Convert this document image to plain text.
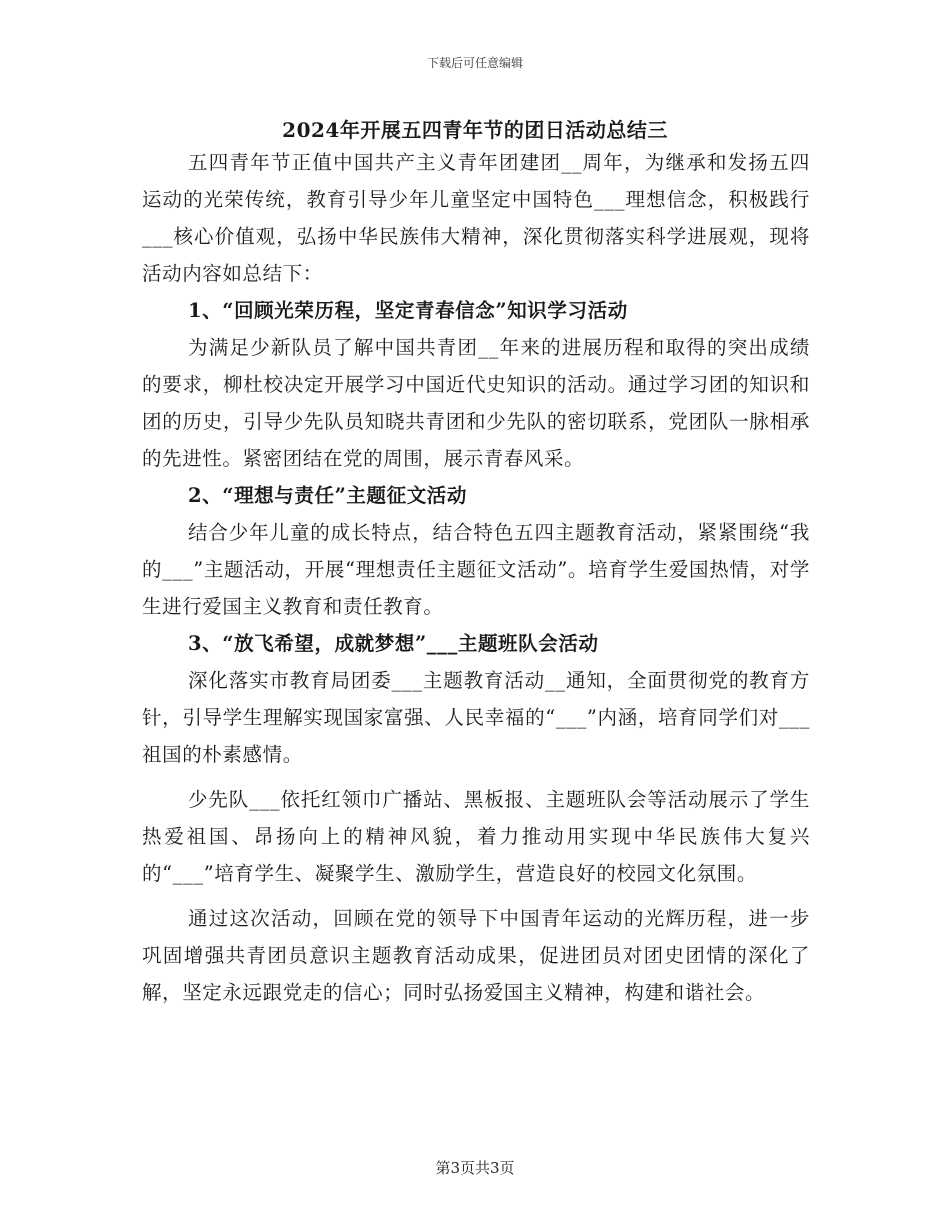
下载后可任意编辑
2024年开展五四青年节的团日活动总结三

五四青年节正值中国共产主义青年团建团__周年，为继承和发扬五四运动的光荣传统，教育引导少年儿童坚定中国特色___理想信念，积极践行___核心价值观，弘扬中华民族伟大精神，深化贯彻落实科学进展观，现将活动内容如总结下：

1、“回顾光荣历程，坚定青春信念”知识学习活动

为满足少新队员了解中国共青团__年来的进展历程和取得的突出成绩的要求，柳杜校决定开展学习中国近代史知识的活动。通过学习团的知识和团的历史，引导少先队员知晓共青团和少先队的密切联系，党团队一脉相承的先进性。紧密团结在党的周围，展示青春风采。

2、“理想与责任”主题征文活动

结合少年儿童的成长特点，结合特色五四主题教育活动，紧紧围绕“我的___”主题活动，开展“理想责任主题征文活动”。培育学生爱国热情，对学生进行爱国主义教育和责任教育。

3、“放飞希望，成就梦想”___主题班队会活动

深化落实市教育局团委___主题教育活动__通知，全面贯彻党的教育方针，引导学生理解实现国家富强、人民幸福的“___”内涵，培育同学们对___祖国的朴素感情。

少先队___依托红领巾广播站、黑板报、主题班队会等活动展示了学生热爱祖国、昂扬向上的精神风貌，着力推动用实现中华民族伟大复兴的“___”培育学生、凝聚学生、激励学生，营造良好的校园文化氛围。

通过这次活动，回顾在党的领导下中国青年运动的光辉历程，进一步巩固增强共青团员意识主题教育活动成果，促进团员对团史团情的深化了解，坚定永远跟党走的信心；同时弘扬爱国主义精神，构建和谐社会。

第3页共3页
